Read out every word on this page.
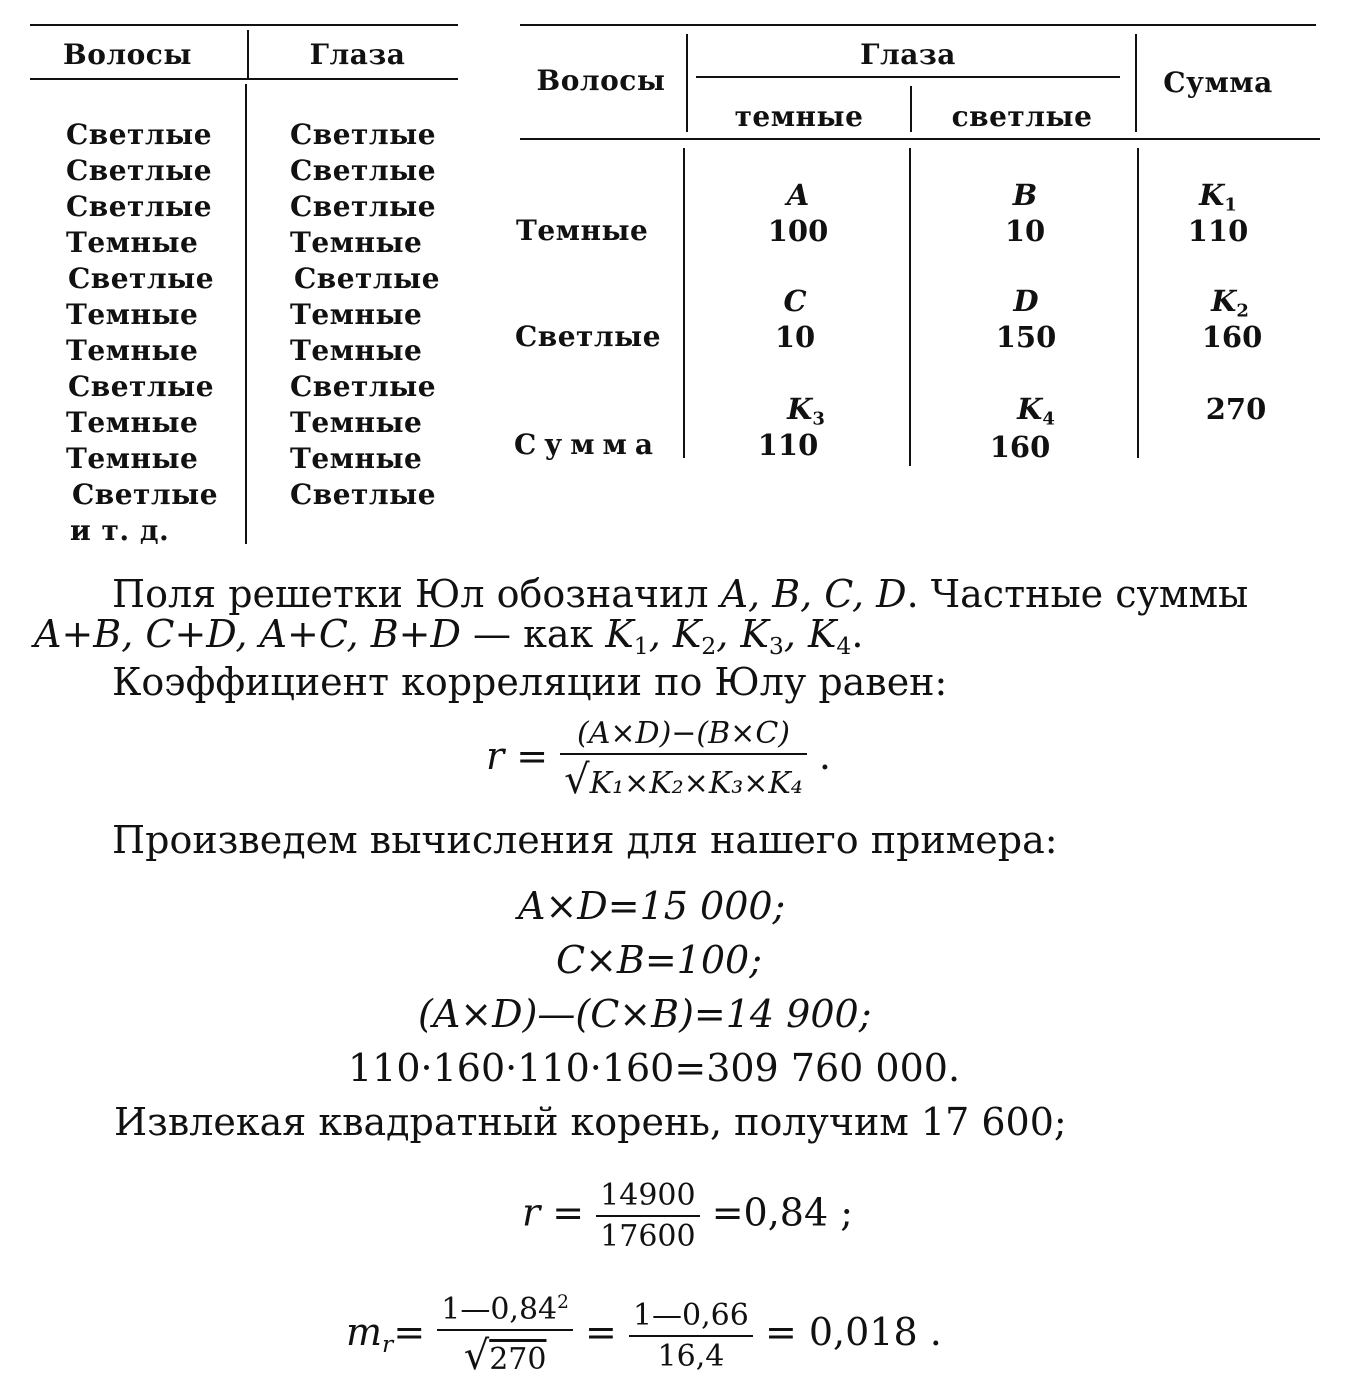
Волосы	Глаза
Светлые
Светлые
Светлые
Темные
Светлые
Темные
Темные
Светлые
Темные
Темные
Светлые
и т. д.
Светлые
Светлые
Светлые
Темные
Светлые
Темные
Темные
Светлые
Темные
Темные
Светлые
Волосы
Глаза
темные	светлые
Сумма
Темные
A
100
B
10
$K_1$
110
Светлые
C
10
D
150
$K_2$
160
Сумма
$K_3$
110
$K_4$
160
270
Поля решетки Юл обозначил A, B, C, D. Частные суммы
A+B, C+D, A+C, B+D — как $K_1$, $K_2$, $K_3$, $K_4$.
Коэффициент корреляции по Юлу равен:
$r = \frac{(A\times D)-(B\times C)}{\text{√K₁×K₂×K₃×K₄}}$ .
Произведем вычисления для нашего примера:
A×D=15 000;
C×B=100;
(A×D)—(C×B)=14 900;
110·160·110·160=309 760 000.
Извлекая квадратный корень, получим 17 600;
$r = \frac{14900}{17600} =0,84$ ;
$m_r= \frac{1—0,84^2}{√270} = \frac{1—0,66}{16,4} = 0,018$ .
